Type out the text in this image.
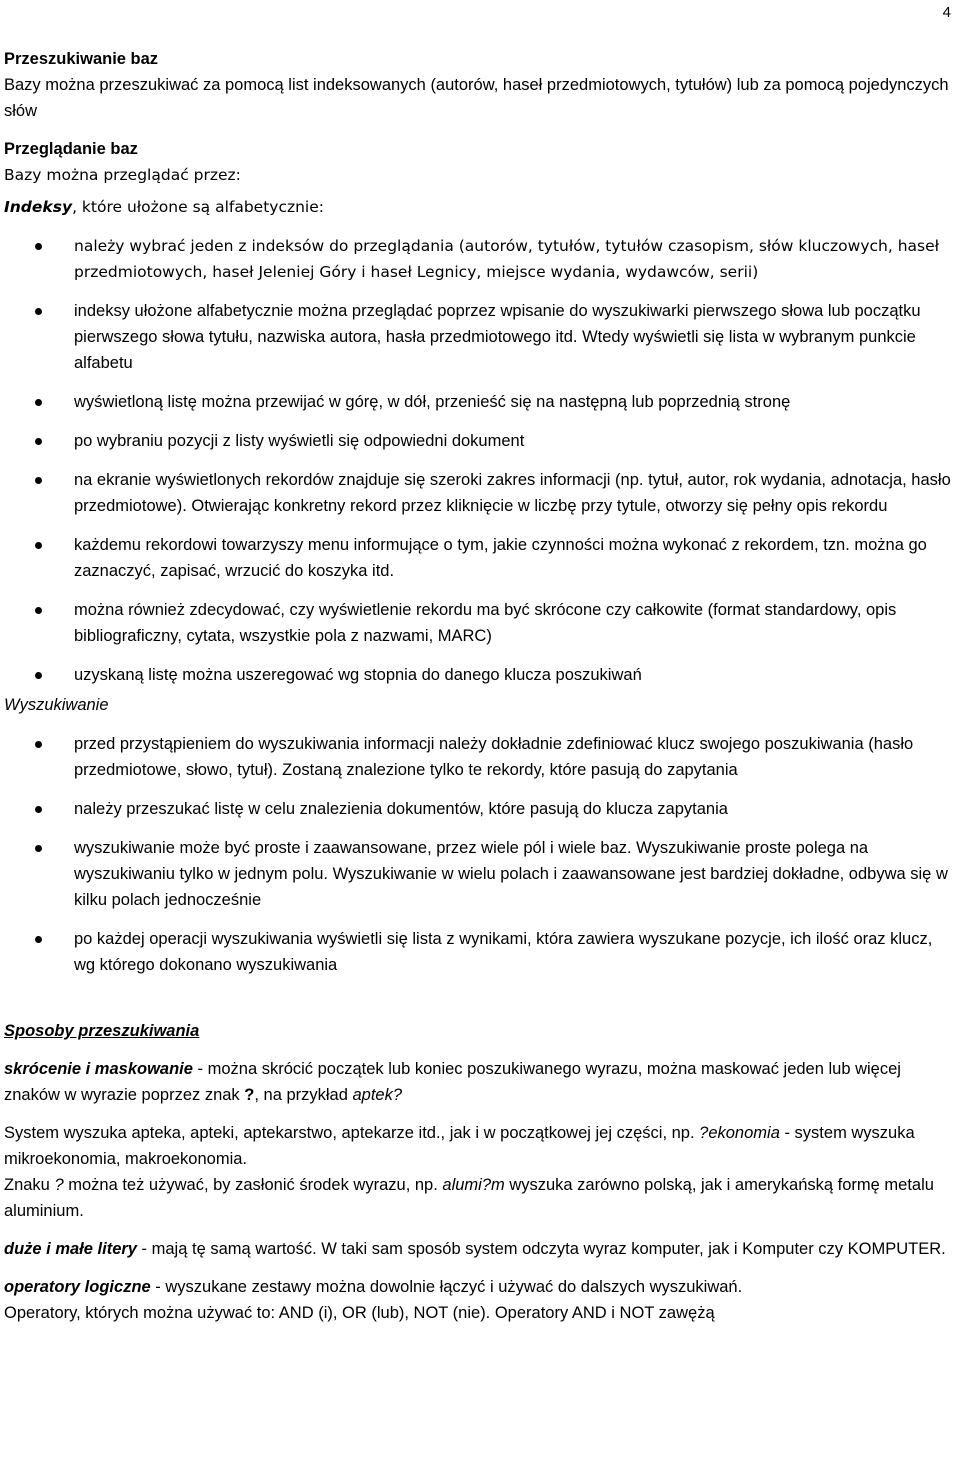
4

Przeszukiwanie baz

Bazy można przeszukiwać za pomocą list indeksowanych (autorów, haseł przedmiotowych, tytułów) lub za pomocą pojedynczych słów

Przeglądanie baz

Bazy można przeglądać przez:

Indeksy, które ułożone są alfabetycznie:

należy wybrać jeden z indeksów do przeglądania (autorów, tytułów, tytułów czasopism, słów kluczowych, haseł przedmiotowych, haseł Jeleniej Góry i haseł Legnicy, miejsce wydania, wydawców, serii)
indeksy ułożone alfabetycznie można przeglądać poprzez wpisanie do wyszukiwarki pierwszego słowa lub początku pierwszego słowa tytułu, nazwiska autora, hasła przedmiotowego itd. Wtedy wyświetli się lista w wybranym punkcie alfabetu
wyświetloną listę można przewijać w górę, w dół, przenieść się na następną lub poprzednią stronę
po wybraniu pozycji z listy wyświetli się odpowiedni dokument
na ekranie wyświetlonych rekordów znajduje się szeroki zakres informacji (np. tytuł, autor, rok wydania, adnotacja, hasło przedmiotowe). Otwierając konkretny rekord przez kliknięcie w liczbę przy tytule, otworzy się pełny opis rekordu
każdemu rekordowi towarzyszy menu informujące o tym, jakie czynności można wykonać z rekordem, tzn. można go zaznaczyć, zapisać, wrzucić do koszyka itd.
można również zdecydować, czy wyświetlenie rekordu ma być skrócone czy całkowite (format standardowy, opis bibliograficzny, cytata, wszystkie pola z nazwami, MARC)
uzyskaną listę można uszeregować wg stopnia do danego klucza poszukiwań

Wyszukiwanie

przed przystąpieniem do wyszukiwania informacji należy dokładnie zdefiniować klucz swojego poszukiwania (hasło przedmiotowe, słowo, tytuł). Zostaną znalezione tylko te rekordy, które pasują do zapytania
należy przeszukać listę w celu znalezienia dokumentów, które pasują do klucza zapytania
wyszukiwanie może być proste i zaawansowane, przez wiele pól i wiele baz. Wyszukiwanie proste polega na wyszukiwaniu tylko w jednym polu. Wyszukiwanie w wielu polach i zaawansowane jest bardziej dokładne, odbywa się w kilku polach jednocześnie
po każdej operacji wyszukiwania wyświetli się lista z wynikami, która zawiera wyszukane pozycje, ich ilość oraz klucz, wg którego dokonano wyszukiwania

Sposoby przeszukiwania

skrócenie i maskowanie - można skrócić początek lub koniec poszukiwanego wyrazu, można maskować jeden lub więcej znaków w wyrazie poprzez znak ?, na przykład aptek?

System wyszuka apteka, apteki, aptekarstwo, aptekarze itd., jak i w początkowej jej części, np. ?ekonomia - system wyszuka mikroekonomia, makroekonomia.

Znaku ? można też używać, by zasłonić środek wyrazu, np. alumi?m wyszuka zarówno polską, jak i amerykańską formę metalu aluminium.

duże i małe litery - mają tę samą wartość. W taki sam sposób system odczyta wyraz komputer, jak i Komputer czy KOMPUTER.

operatory logiczne - wyszukane zestawy można dowolnie łączyć i używać do dalszych wyszukiwań.

Operatory, których można używać to: AND (i), OR (lub), NOT (nie). Operatory AND i NOT zawężą
